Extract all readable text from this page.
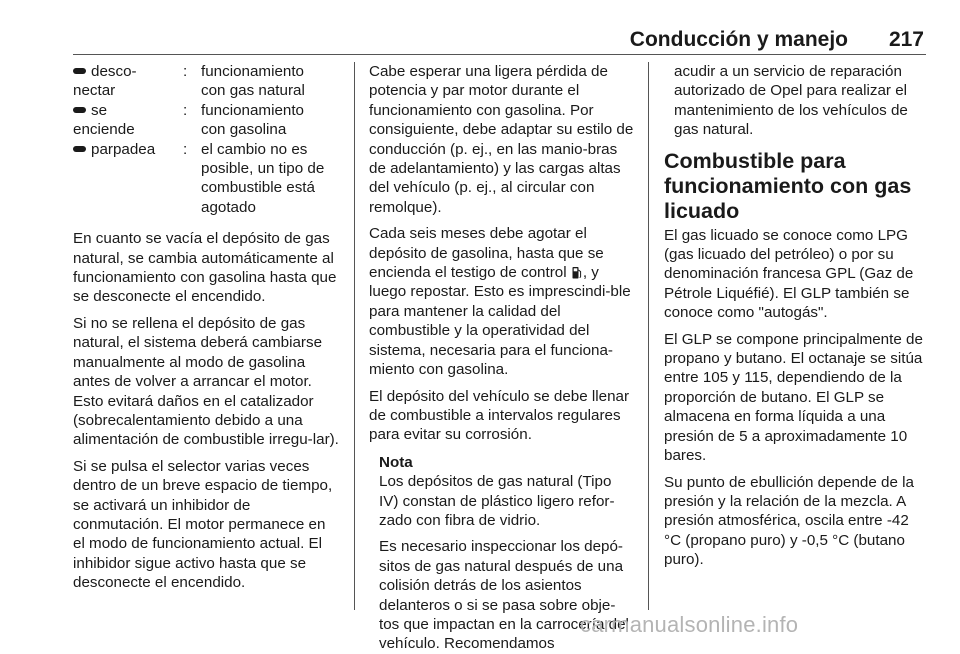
Conducción y manejo 217
desco-
nectar
: funcionamiento
con gas natural
se
enciende
: funcionamiento
con gasolina
parpadea	: el cambio no es
posible, un tipo de
combustible está
agotado

En cuanto se vacía el depósito de gas natural, se cambia automáticamente al funcionamiento con gasolina hasta que se desconecte el encendido.

Si no se rellena el depósito de gas natural, el sistema deberá cambiarse manualmente al modo de gasolina antes de volver a arrancar el motor. Esto evitará daños en el catalizador (sobrecalentamiento debido a una alimentación de combustible irregu-lar).

Si se pulsa el selector varias veces dentro de un breve espacio de tiempo, se activará un inhibidor de conmutación. El motor permanece en el modo de funcionamiento actual. El inhibidor sigue activo hasta que se desconecte el encendido.

Cabe esperar una ligera pérdida de potencia y par motor durante el funcionamiento con gasolina. Por consiguiente, debe adaptar su estilo de conducción (p. ej., en las manio-bras de adelantamiento) y las cargas altas del vehículo (p. ej., al circular con remolque).

Cada seis meses debe agotar el depósito de gasolina, hasta que se encienda el testigo de control , y luego repostar. Esto es imprescindi-ble para mantener la calidad del combustible y la operatividad del sistema, necesaria para el funciona-miento con gasolina.

El depósito del vehículo se debe llenar de combustible a intervalos regulares para evitar su corrosión.

Nota

Los depósitos de gas natural (Tipo IV) constan de plástico ligero refor-zado con fibra de vidrio.

Es necesario inspeccionar los depó-sitos de gas natural después de una colisión detrás de los asientos delanteros o si se pasa sobre obje-tos que impactan en la carrocería del vehículo. Recomendamos

acudir a un servicio de reparación autorizado de Opel para realizar el mantenimiento de los vehículos de gas natural.

Combustible para funcionamiento con gas licuado

El gas licuado se conoce como LPG (gas licuado del petróleo) o por su denominación francesa GPL (Gaz de Pétrole Liquéfié). El GLP también se conoce como "autogás".

El GLP se compone principalmente de propano y butano. El octanaje se sitúa entre 105 y 115, dependiendo de la proporción de butano. El GLP se almacena en forma líquida a una presión de 5 a aproximadamente 10 bares.

Su punto de ebullición depende de la presión y la relación de la mezcla. A presión atmosférica, oscila entre -42 °C (propano puro) y -0,5 °C (butano puro).

carmanualsonline.info
